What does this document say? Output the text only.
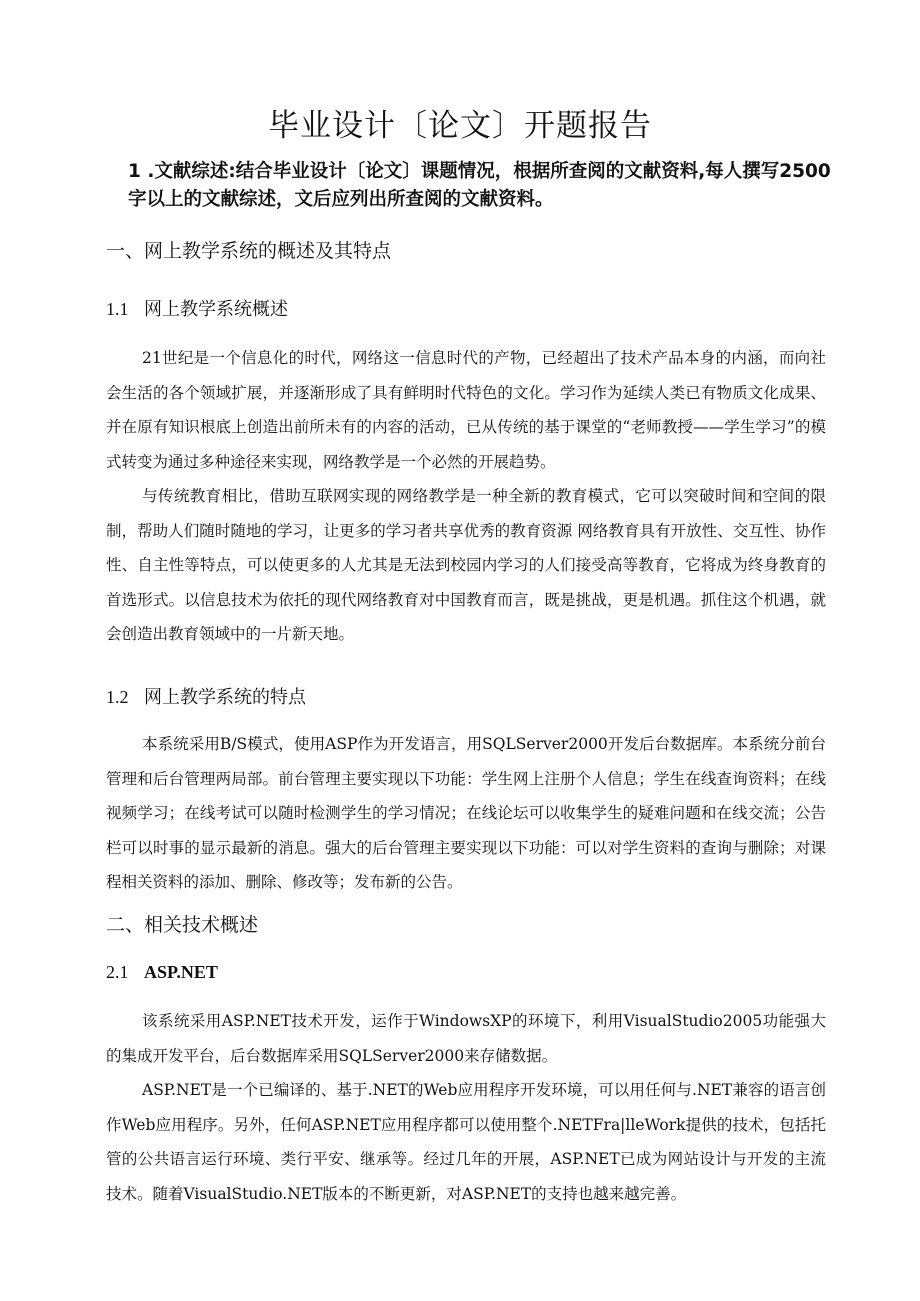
毕业设计〔论文〕开题报告

1 .文献综述:结合毕业设计〔论文〕课题情况，根据所查阅的文献资料,每人撰写2500字以上的文献综述，文后应列出所查阅的文献资料。

一、网上教学系统的概述及其特点
1.1 网上教学系统概述

21世纪是一个信息化的时代，网络这一信息时代的产物，已经超出了技术产品本身的内涵，而向社会生活的各个领域扩展，并逐渐形成了具有鲜明时代特色的文化。学习作为延续人类已有物质文化成果、并在原有知识根底上创造出前所未有的内容的活动，已从传统的基于课堂的“老师教授——学生学习”的模式转变为通过多种途径来实现，网络教学是一个必然的开展趋势。

与传统教育相比，借助互联网实现的网络教学是一种全新的教育模式，它可以突破时间和空间的限制，帮助人们随时随地的学习，让更多的学习者共享优秀的教育资源 网络教育具有开放性、交互性、协作性、自主性等特点，可以使更多的人尤其是无法到校园内学习的人们接受高等教育，它将成为终身教育的首选形式。以信息技术为依托的现代网络教育对中国教育而言，既是挑战，更是机遇。抓住这个机遇，就会创造出教育领域中的一片新天地。

1.2 网上教学系统的特点

本系统采用B/S模式，使用ASP作为开发语言，用SQLServer2000开发后台数据库。本系统分前台管理和后台管理两局部。前台管理主要实现以下功能：学生网上注册个人信息；学生在线查询资料；在线视频学习；在线考试可以随时检测学生的学习情况；在线论坛可以收集学生的疑难问题和在线交流；公告栏可以时事的显示最新的消息。强大的后台管理主要实现以下功能：可以对学生资料的查询与删除；对课程相关资料的添加、删除、修改等；发布新的公告。

二、相关技术概述
2.1 ASP.NET

该系统采用ASP.NET技术开发，运作于WindowsXP的环境下，利用VisualStudio2005功能强大的集成开发平台，后台数据库采用SQLServer2000来存储数据。

ASP.NET是一个已编译的、基于.NET的Web应用程序开发环境，可以用任何与.NET兼容的语言创作Web应用程序。另外，任何ASP.NET应用程序都可以使用整个.NETFra|lleWork提供的技术，包括托管的公共语言运行环境、类行平安、继承等。经过几年的开展，ASP.NET已成为网站设计与开发的主流技术。随着VisualStudio.NET版本的不断更新，对ASP.NET的支持也越来越完善。
